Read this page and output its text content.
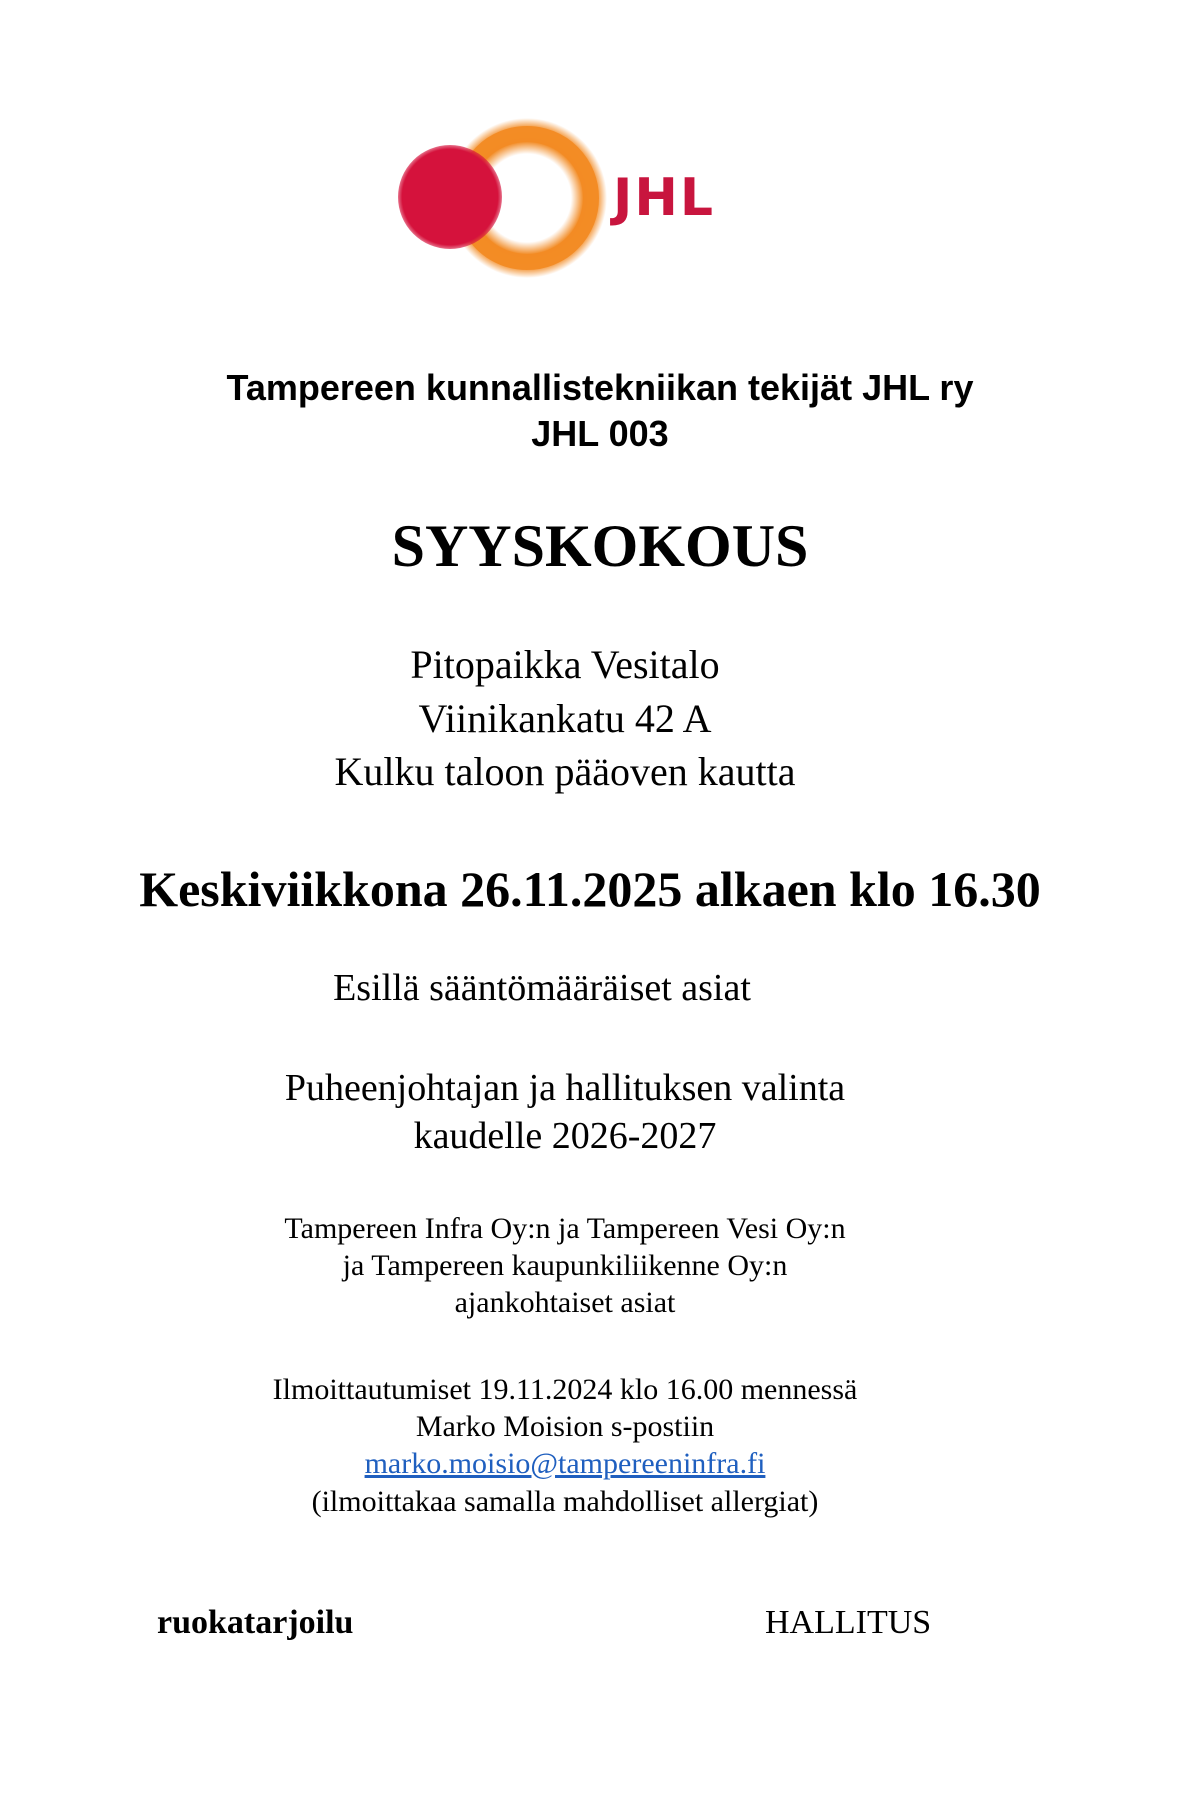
JHL
Tampereen kunnallistekniikan tekijät JHL ry
JHL 003
SYYSKOKOUS
Pitopaikka Vesitalo
Viinikankatu 42 A
Kulku taloon pääoven kautta
Keskiviikkona 26.11.2025 alkaen klo 16.30
Esillä sääntömääräiset asiat
Puheenjohtajan ja hallituksen valinta
kaudelle 2026-2027
Tampereen Infra Oy:n ja Tampereen Vesi Oy:n
ja Tampereen kaupunkiliikenne Oy:n
ajankohtaiset asiat
Ilmoittautumiset 19.11.2024 klo 16.00 mennessä
Marko Moision s-postiin
marko.moisio@tampereeninfra.fi
(ilmoittakaa samalla mahdolliset allergiat)
ruokatarjoilu	HALLITUS
